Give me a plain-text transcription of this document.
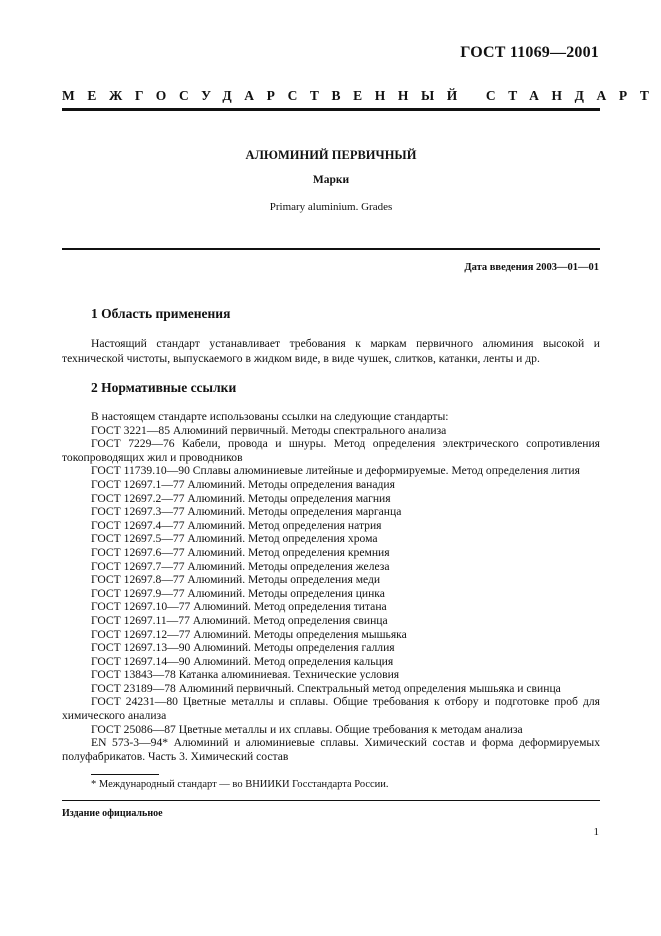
ГОСТ 11069—2001
МЕЖГОСУДАРСТВЕННЫЙ СТАНДАРТ
АЛЮМИНИЙ ПЕРВИЧНЫЙ
Марки
Primary aluminium. Grades
Дата введения 2003—01—01
1 Область применения

Настоящий стандарт устанавливает требования к маркам первичного алюминия высокой и технической чистоты, выпускаемого в жидком виде, в виде чушек, слитков, катанки, ленты и др.

2 Нормативные ссылки
В настоящем стандарте использованы ссылки на следующие стандарты:
ГОСТ 3221—85 Алюминий первичный. Методы спектрального анализа
ГОСТ 7229—76 Кабели, провода и шнуры. Метод определения электрического сопротивления токопроводящих жил и проводников
ГОСТ 11739.10—90 Сплавы алюминиевые литейные и деформируемые. Метод определения лития
ГОСТ 12697.1—77 Алюминий. Методы определения ванадия
ГОСТ 12697.2—77 Алюминий. Методы определения магния
ГОСТ 12697.3—77 Алюминий. Методы определения марганца
ГОСТ 12697.4—77 Алюминий. Метод определения натрия
ГОСТ 12697.5—77 Алюминий. Метод определения хрома
ГОСТ 12697.6—77 Алюминий. Метод определения кремния
ГОСТ 12697.7—77 Алюминий. Методы определения железа
ГОСТ 12697.8—77 Алюминий. Методы определения меди
ГОСТ 12697.9—77 Алюминий. Методы определения цинка
ГОСТ 12697.10—77 Алюминий. Метод определения титана
ГОСТ 12697.11—77 Алюминий. Метод определения свинца
ГОСТ 12697.12—77 Алюминий. Методы определения мышьяка
ГОСТ 12697.13—90 Алюминий. Методы определения галлия
ГОСТ 12697.14—90 Алюминий. Метод определения кальция
ГОСТ 13843—78 Катанка алюминиевая. Технические условия
ГОСТ 23189—78 Алюминий первичный. Спектральный метод определения мышьяка и свинца
ГОСТ 24231—80 Цветные металлы и сплавы. Общие требования к отбору и подготовке проб для химического анализа
ГОСТ 25086—87 Цветные металлы и их сплавы. Общие требования к методам анализа
EN 573-3—94* Алюминий и алюминиевые сплавы. Химический состав и форма деформируемых полуфабрикатов. Часть 3. Химический состав
* Международный стандарт — во ВНИИКИ Госстандарта России.
Издание официальное
1
